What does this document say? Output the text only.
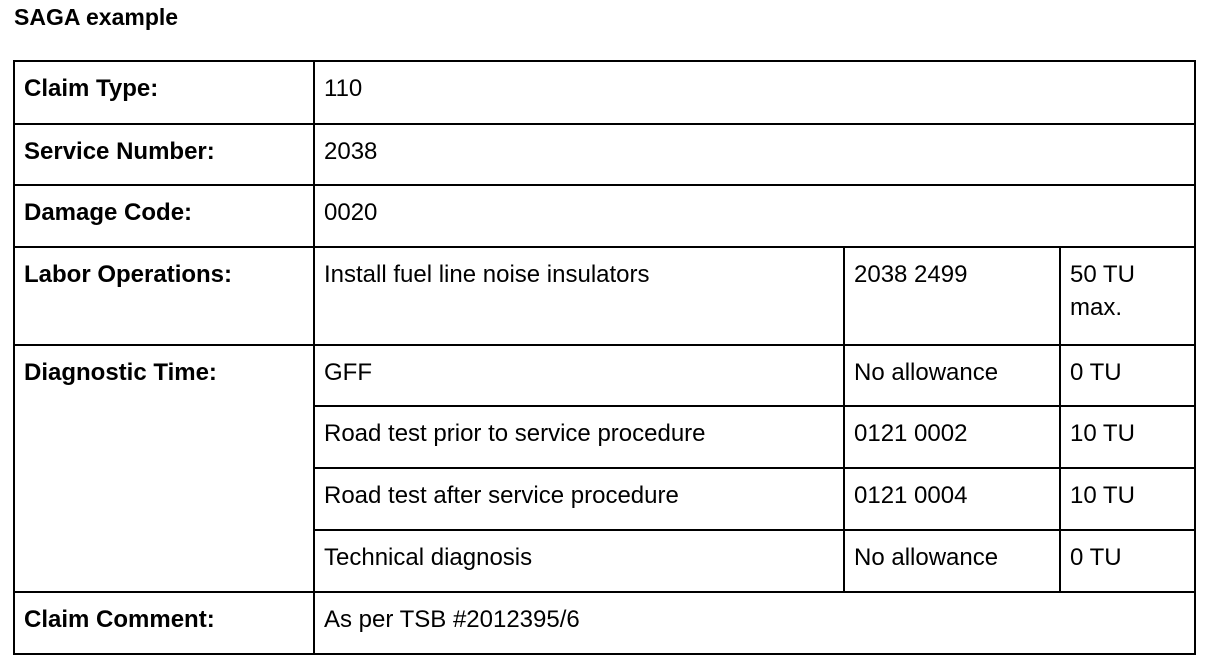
SAGA example
Claim Type:	110		
Service Number:	2038		
Damage Code:	0020		
Labor Operations:	Install fuel line noise insulators	2038 2499	50 TU max.
Diagnostic Time:	GFF	No allowance	0 TU
	Road test prior to service procedure	0121 0002	10 TU
	Road test after service procedure	0121 0004	10 TU
	Technical diagnosis	No allowance	0 TU
Claim Comment:	As per TSB #2012395/6		
